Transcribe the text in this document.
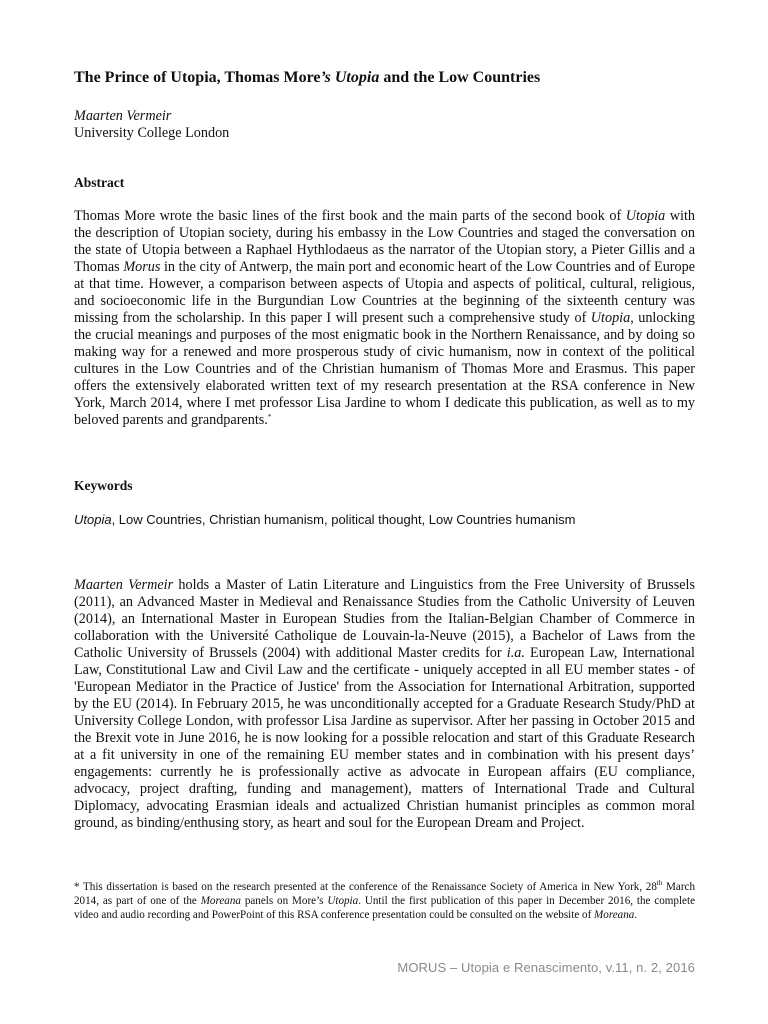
The Prince of Utopia, Thomas More’s Utopia and the Low Countries
Maarten Vermeir
University College London

Abstract

Thomas More wrote the basic lines of the first book and the main parts of the second book of Utopia with the description of Utopian society, during his embassy in the Low Countries and staged the conversation on the state of Utopia between a Raphael Hythlodaeus as the narrator of the Utopian story, a Pieter Gillis and a Thomas Morus in the city of Antwerp, the main port and economic heart of the Low Countries and of Europe at that time. However, a comparison between aspects of Utopia and aspects of political, cultural, religious, and socioeconomic life in the Burgundian Low Countries at the beginning of the sixteenth century was missing from the scholarship. In this paper I will present such a comprehensive study of Utopia, unlocking the crucial meanings and purposes of the most enigmatic book in the Northern Renaissance, and by doing so making way for a renewed and more prosperous study of civic humanism, now in context of the political cultures in the Low Countries and of the Christian humanism of Thomas More and Erasmus. This paper offers the extensively elaborated written text of my research presentation at the RSA conference in New York, March 2014, where I met professor Lisa Jardine to whom I dedicate this publication, as well as to my beloved parents and grandparents.*

Keywords

Utopia, Low Countries, Christian humanism, political thought, Low Countries humanism

Maarten Vermeir holds a Master of Latin Literature and Linguistics from the Free University of Brussels (2011), an Advanced Master in Medieval and Renaissance Studies from the Catholic University of Leuven (2014), an International Master in European Studies from the Italian-Belgian Chamber of Commerce in collaboration with the Université Catholique de Louvain-la-Neuve (2015), a Bachelor of Laws from the Catholic University of Brussels (2004) with additional Master credits for i.a. European Law, International Law, Constitutional Law and Civil Law and the certificate - uniquely accepted in all EU member states - of 'European Mediator in the Practice of Justice' from the Association for International Arbitration, supported by the EU (2014). In February 2015, he was unconditionally accepted for a Graduate Research Study/PhD at University College London, with professor Lisa Jardine as supervisor. After her passing in October 2015 and the Brexit vote in June 2016, he is now looking for a possible relocation and start of this Graduate Research at a fit university in one of the remaining EU member states and in combination with his present days’ engagements: currently he is professionally active as advocate in European affairs (EU compliance, advocacy, project drafting, funding and management), matters of International Trade and Cultural Diplomacy, advocating Erasmian ideals and actualized Christian humanist principles as common moral ground, as binding/enthusing story, as heart and soul for the European Dream and Project.

* This dissertation is based on the research presented at the conference of the Renaissance Society of America in New York, 28th March 2014, as part of one of the Moreana panels on More’s Utopia. Until the first publication of this paper in December 2016, the complete video and audio recording and PowerPoint of this RSA conference presentation could be consulted on the website of Moreana.

MORUS – Utopia e Renascimento, v.11, n. 2, 2016
